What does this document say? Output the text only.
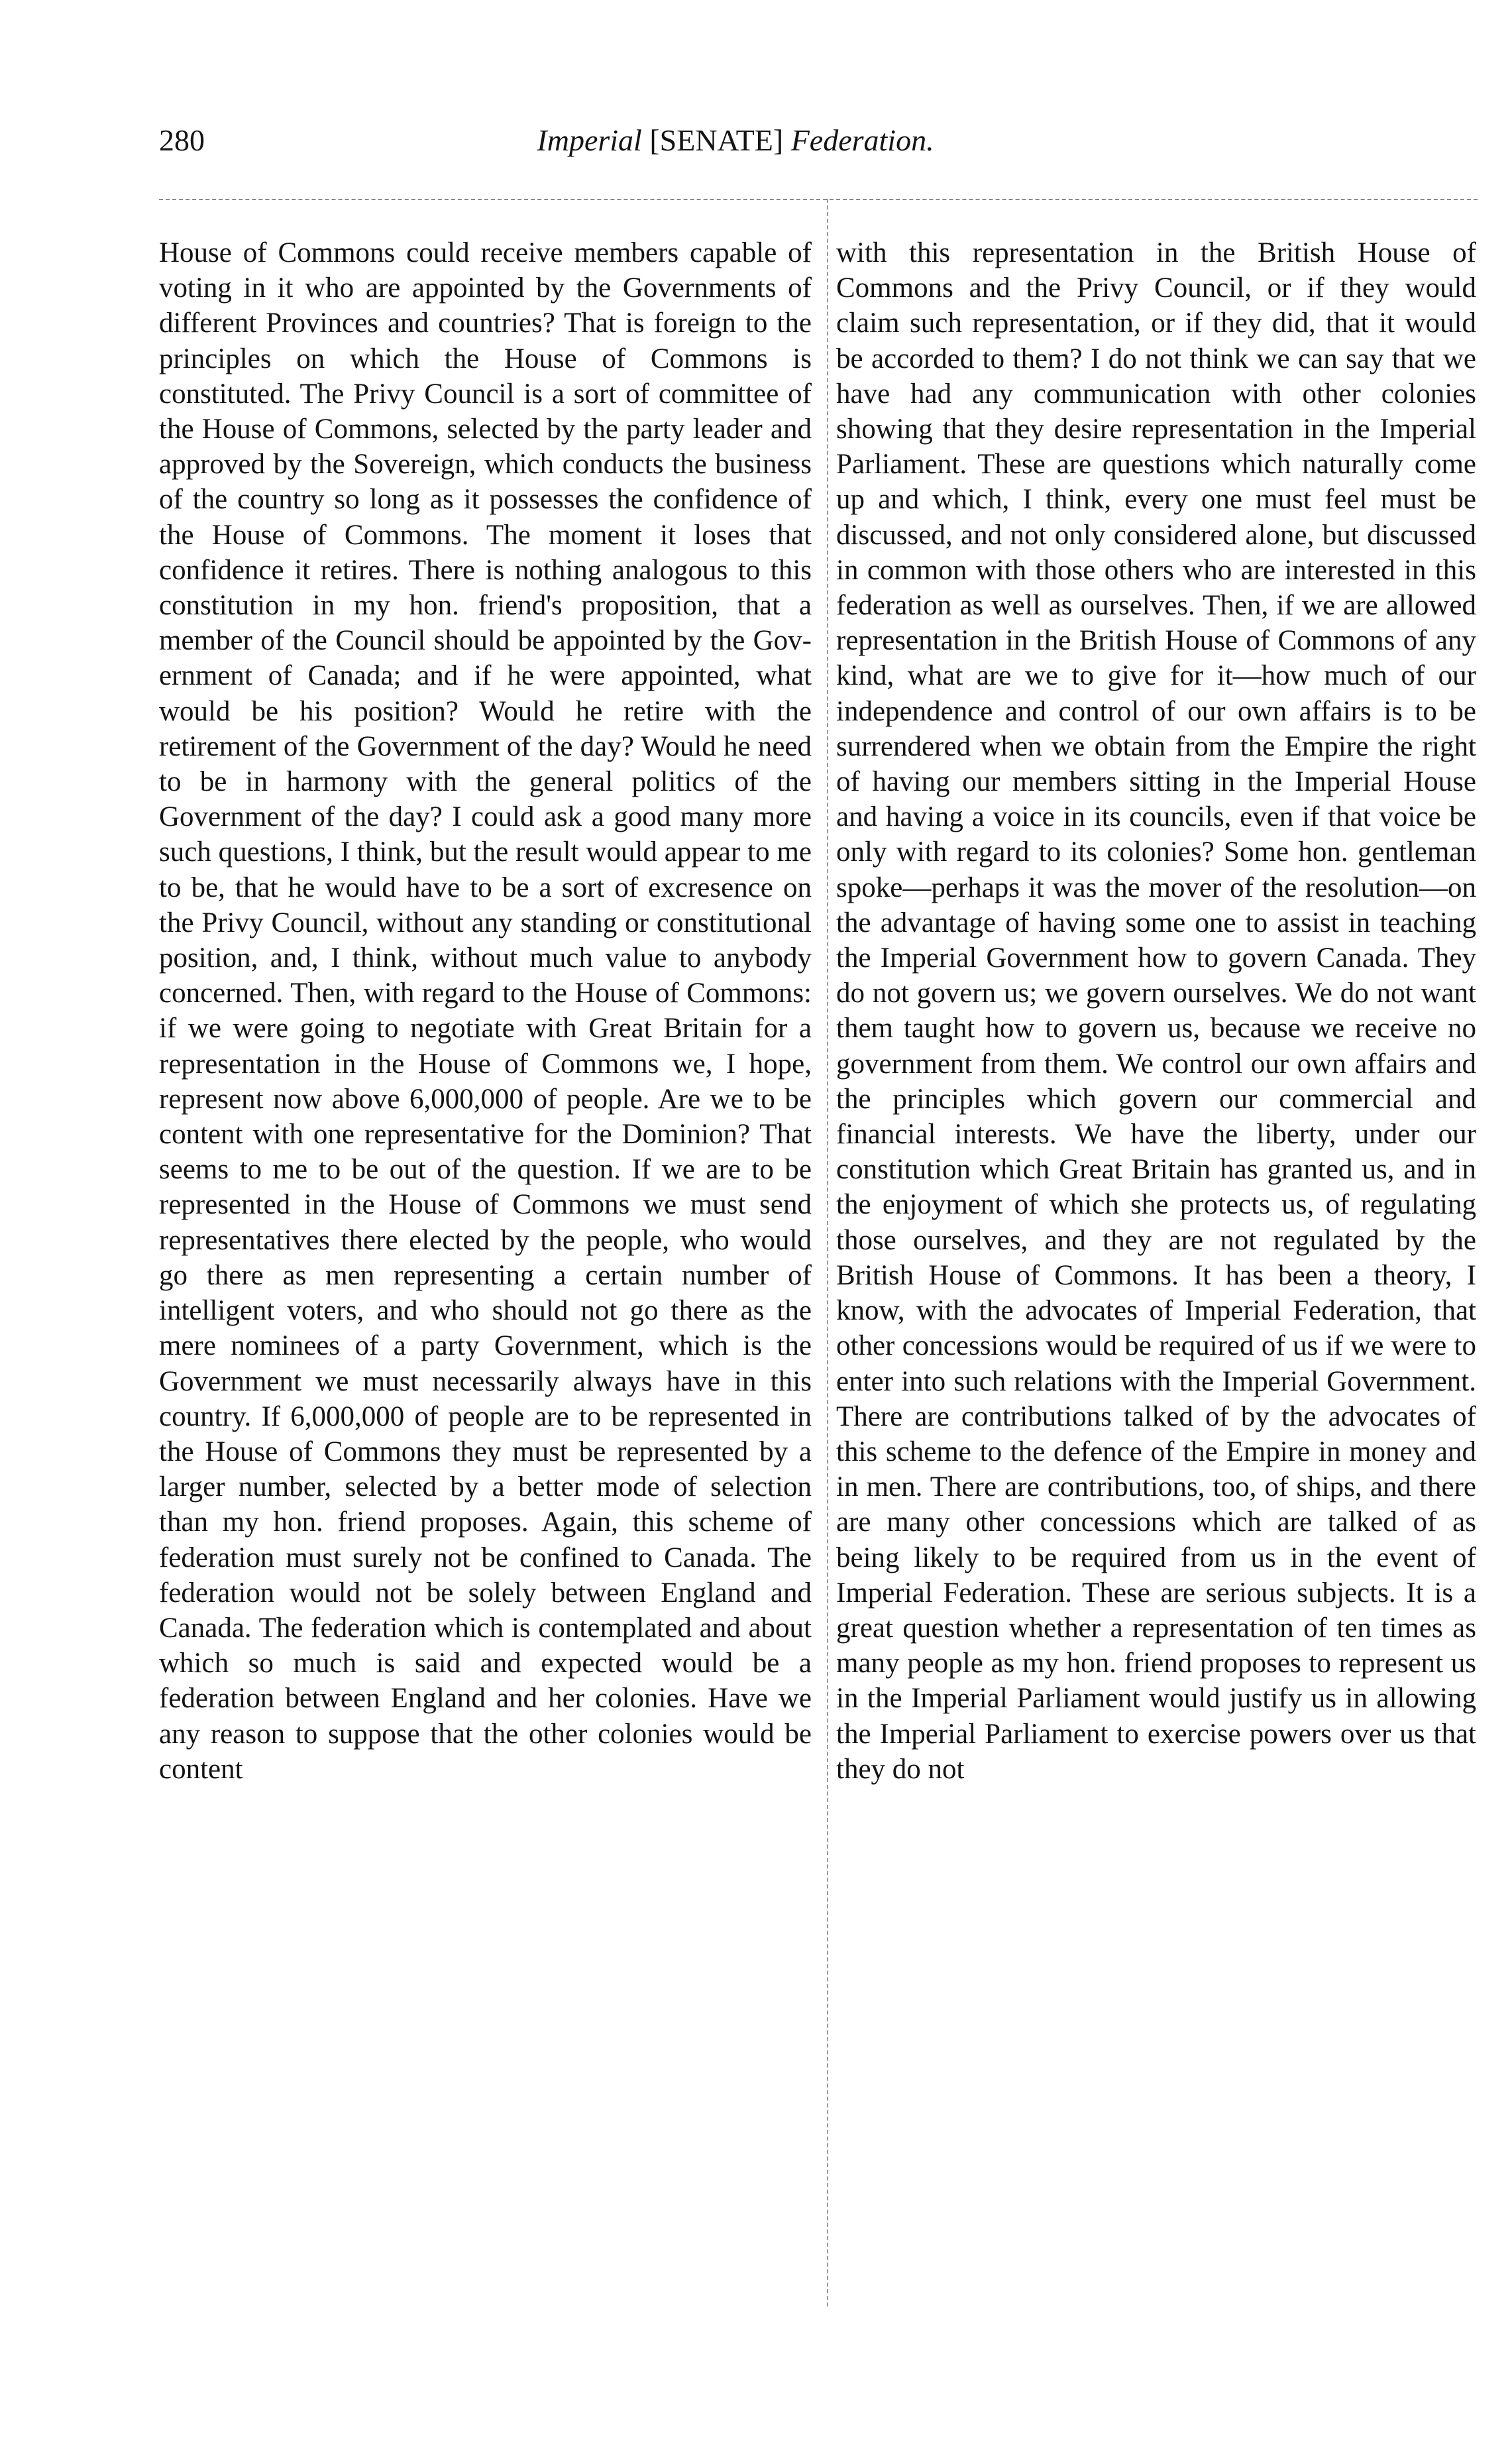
280	Imperial [SENATE] Federation.

House of Commons could receive members capable of voting in it who are appointed by the Governments of different Provinces and countries? That is foreign to the principles on which the House of Commons is constituted. The Privy Council is a sort of committee of the House of Commons, selected by the party leader and approved by the Sovereign, which conducts the business of the country so long as it possesses the confidence of the House of Commons. The moment it loses that confidence it retires. There is nothing analogous to this constitution in my hon. friend's proposition, that a member of the Council should be appointed by the Government of Canada; and if he were appointed, what would be his position? Would he retire with the retirement of the Government of the day? Would he need to be in harmony with the general politics of the Government of the day? I could ask a good many more such questions, I think, but the result would appear to me to be, that he would have to be a sort of excresence on the Privy Council, without any standing or constitutional position, and, I think, without much value to anybody concerned. Then, with regard to the House of Commons: if we were going to negotiate with Great Britain for a representation in the House of Commons we, I hope, represent now above 6,000,000 of people. Are we to be content with one representative for the Dominion? That seems to me to be out of the question. If we are to be represented in the House of Commons we must send representatives there elected by the people, who would go there as men representing a certain number of intelligent voters, and who should not go there as the mere nominees of a party Government, which is the Government we must necessarily always have in this country. If 6,000,000 of people are to be represented in the House of Commons they must be represented by a larger number, selected by a better mode of selection than my hon. friend proposes. Again, this scheme of federation must surely not be confined to Canada. The federation would not be solely between England and Canada. The federation which is contemplated and about which so much is said and expected would be a federation between England and her colonies. Have we any reason to suppose that the other colonies would be content

with this representation in the British House of Commons and the Privy Council, or if they would claim such representation, or if they did, that it would be accorded to them? I do not think we can say that we have had any communication with other colonies showing that they desire representation in the Imperial Parliament. These are questions which naturally come up and which, I think, every one must feel must be discussed, and not only considered alone, but discussed in common with those others who are interested in this federation as well as ourselves. Then, if we are allowed representation in the British House of Commons of any kind, what are we to give for it—how much of our independence and control of our own affairs is to be surrendered when we obtain from the Empire the right of having our members sitting in the Imperial House and having a voice in its councils, even if that voice be only with regard to its colonies? Some hon. gentleman spoke—perhaps it was the mover of the resolution—on the advantage of having some one to assist in teaching the Imperial Government how to govern Canada. They do not govern us; we govern ourselves. We do not want them taught how to govern us, because we receive no government from them. We control our own affairs and the principles which govern our commercial and financial interests. We have the liberty, under our constitution which Great Britain has granted us, and in the enjoyment of which she protects us, of regulating those ourselves, and they are not regulated by the British House of Commons. It has been a theory, I know, with the advocates of Imperial Federation, that other concessions would be required of us if we were to enter into such relations with the Imperial Government. There are contributions talked of by the advocates of this scheme to the defence of the Empire in money and in men. There are contributions, too, of ships, and there are many other concessions which are talked of as being likely to be required from us in the event of Imperial Federation. These are serious subjects. It is a great question whether a representation of ten times as many people as my hon. friend proposes to represent us in the Imperial Parliament would justify us in allowing the Imperial Parliament to exercise powers over us that they do not
